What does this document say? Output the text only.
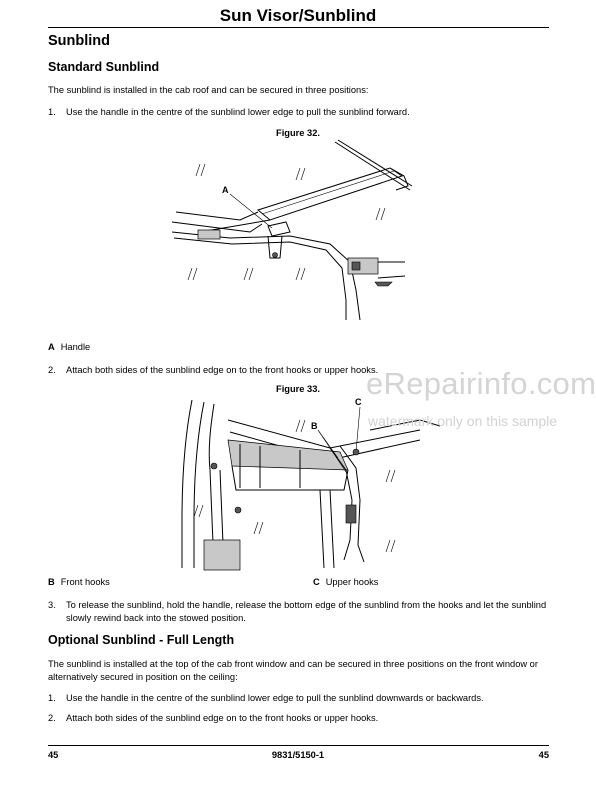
Sun Visor/Sunblind
Sunblind
Standard Sunblind
The sunblind is installed in the cab roof and can be secured in three positions:
1. Use the handle in the centre of the sunblind lower edge to pull the sunblind forward.
Figure 32.
A
A Handle
2. Attach both sides of the sunblind edge on to the front hooks or upper hooks.
Figure 33.
B
C
eRepairinfo.com
watermark only on this sample
B Front hooks	C Upper hooks
3. To release the sunblind, hold the handle, release the bottom edge of the sunblind from the hooks and let the sunblind slowly rewind back into the stowed position.
Optional Sunblind - Full Length
The sunblind is installed at the top of the cab front window and can be secured in three positions on the front window or alternatively secured in position on the ceiling:
1. Use the handle in the centre of the sunblind lower edge to pull the sunblind downwards or backwards.
2. Attach both sides of the sunblind edge on to the front hooks or upper hooks.
45	9831/5150-1	45
